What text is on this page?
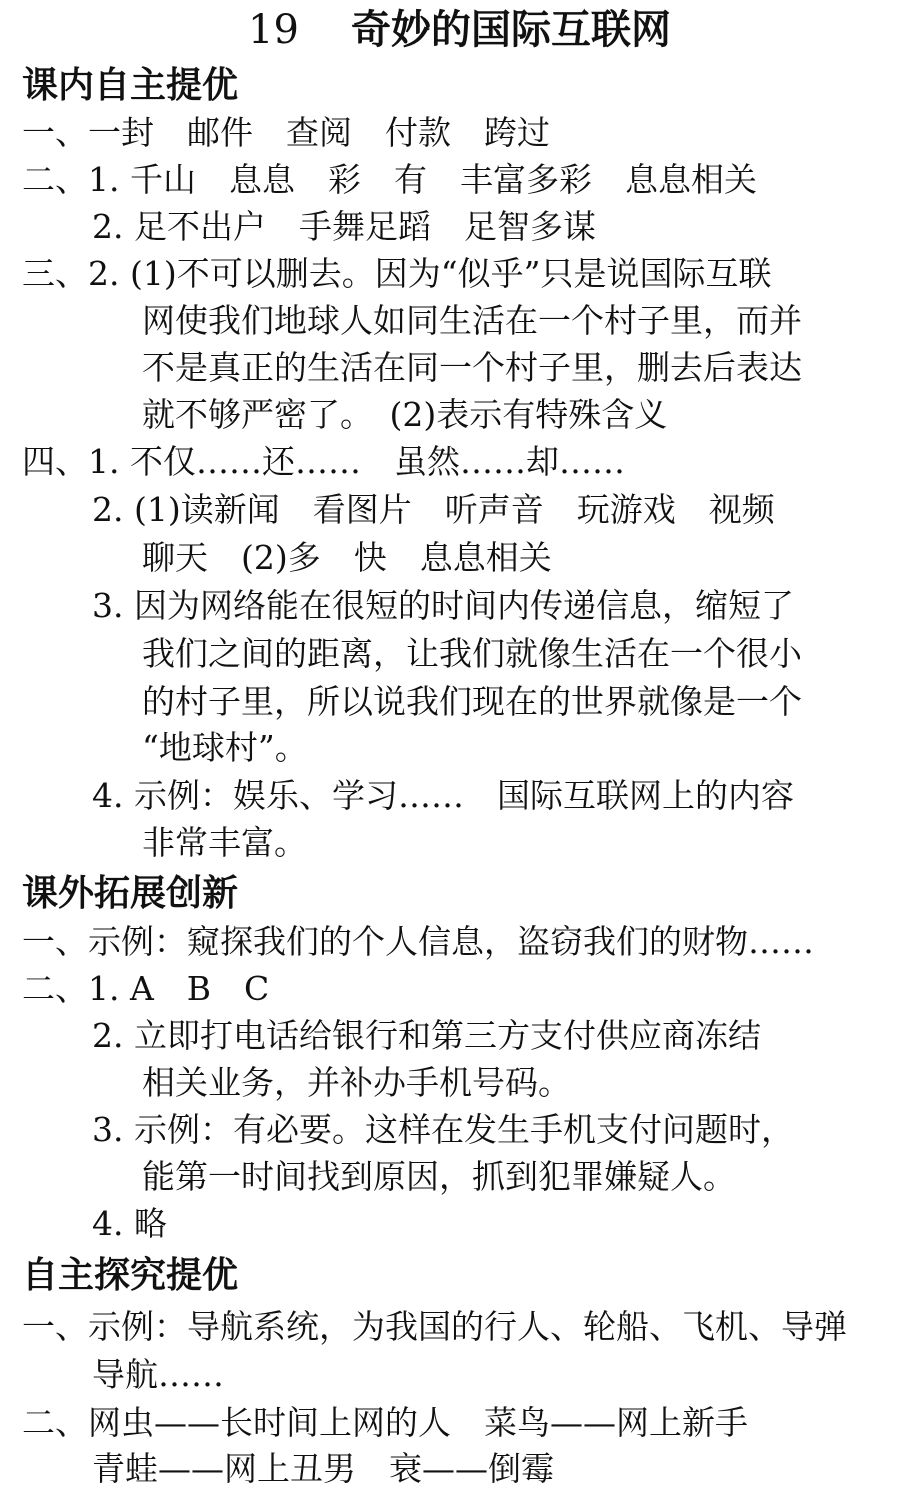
19 奇妙的国际互联网
课内自主提优
一、一封　邮件　查阅　付款　跨过
二、1. 千山　息息　彩　有　丰富多彩　息息相关
2. 足不出户　手舞足蹈　足智多谋
三、2. (1)不可以删去。因为“似乎”只是说国际互联
网使我们地球人如同生活在一个村子里，而并
不是真正的生活在同一个村子里，删去后表达
就不够严密了。　(2)表示有特殊含义
四、1. 不仅……还……　虽然……却……
2. (1)读新闻　看图片　听声音　玩游戏　视频
聊天　(2)多　快　息息相关
3. 因为网络能在很短的时间内传递信息，缩短了
我们之间的距离，让我们就像生活在一个很小
的村子里，所以说我们现在的世界就像是一个
“地球村”。
4. 示例：娱乐、学习……　国际互联网上的内容
非常丰富。
课外拓展创新
一、示例：窥探我们的个人信息，盗窃我们的财物……
二、1. A　B　C
2. 立即打电话给银行和第三方支付供应商冻结
相关业务，并补办手机号码。
3. 示例：有必要。这样在发生手机支付问题时，
能第一时间找到原因，抓到犯罪嫌疑人。
4. 略
自主探究提优
一、示例：导航系统，为我国的行人、轮船、飞机、导弹
导航……
二、网虫——长时间上网的人　菜鸟——网上新手
青蛙——网上丑男　衰——倒霉
